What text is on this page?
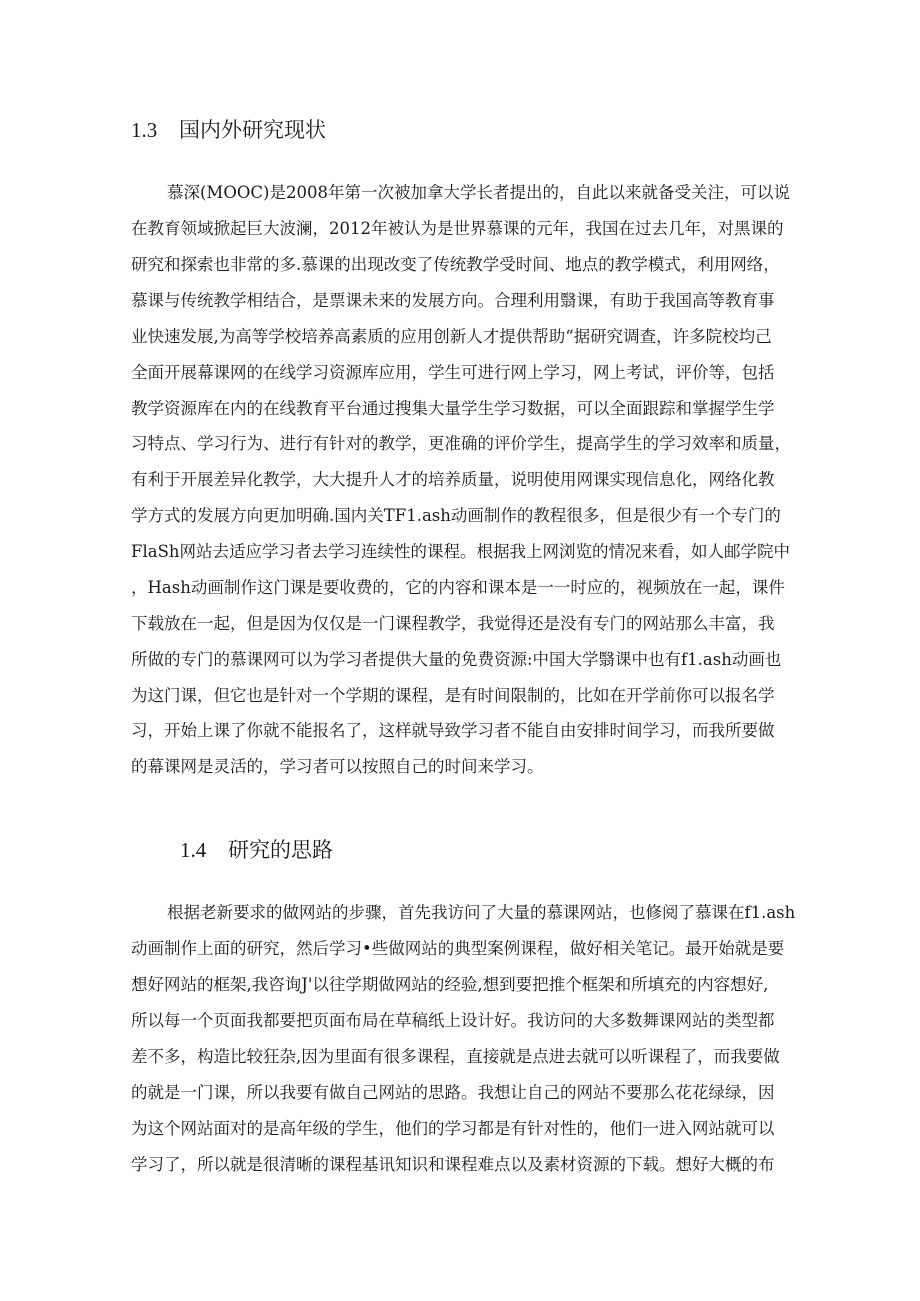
1.3 国内外研究现状
慕深(MOOC)是2008年第一次被加拿大学长者提出的，自此以来就备受关注，可以说
在教育领域掀起巨大波澜，2012年被认为是世界慕课的元年，我国在过去几年，对黑课的
研究和探索也非常的多.慕课的出现改变了传统教学受时间、地点的教学模式，利用网络，
慕课与传统教学相结合，是票课未来的发展方向。合理利用翳课，有助于我国高等教育事
业快速发展,为高等学校培养高素质的应用创新人才提供帮助“据研究调查，许多院校均己
全面开展幕课网的在线学习资源库应用，学生可进行网上学习，网上考试，评价等，包括
教学资源库在内的在线教育平台通过搜集大量学生学习数据，可以全面跟踪和掌握学生学
习特点、学习行为、进行有针对的教学，更准确的评价学生，提高学生的学习效率和质量，
有利于开展差异化教学，大大提升人才的培养质量，说明使用网课实现信息化，网络化教
学方式的发展方向更加明确.国内关TF1.ash动画制作的教程很多，但是很少有一个专门的
FlaSh网站去适应学习者去学习连续性的课程。根据我上网浏览的情况来看，如人邮学院中
，Hash动画制作这门课是要收费的，它的内容和课本是一一时应的，视频放在一起，课件
下载放在一起，但是因为仅仅是一门课程教学，我觉得还是没有专门的网站那么丰富，我
所做的专门的慕课网可以为学习者提供大量的免费资源:中国大学翳课中也有f1.ash动画也
为这门课，但它也是针对一个学期的课程，是有时间限制的，比如在开学前你可以报名学
习，开始上课了你就不能报名了，这样就导致学习者不能自由安排时间学习，而我所要做
的幕课网是灵活的，学习者可以按照自己的时间来学习。
1.4 研究的思路
根据老新要求的做网站的步骤，首先我访问了大量的慕课网站，也修阅了慕课在f1.ash
动画制作上面的研究，然后学习•些做网站的典型案例课程，做好相关笔记。最开始就是要
想好网站的框架,我咨询J'以往学期做网站的经验,想到要把推个框架和所填充的内容想好,
所以每一个页面我都要把页面布局在草稿纸上设计好。我访问的大多数舞课网站的类型都
差不多，构造比较狂杂,因为里面有很多课程，直接就是点进去就可以听课程了，而我要做
的就是一门课，所以我要有做自己网站的思路。我想让自己的网站不要那么花花绿绿，因
为这个网站面对的是高年级的学生，他们的学习都是有针对性的，他们一进入网站就可以
学习了，所以就是很清晰的课程基讯知识和课程难点以及素材资源的下载。想好大概的布
